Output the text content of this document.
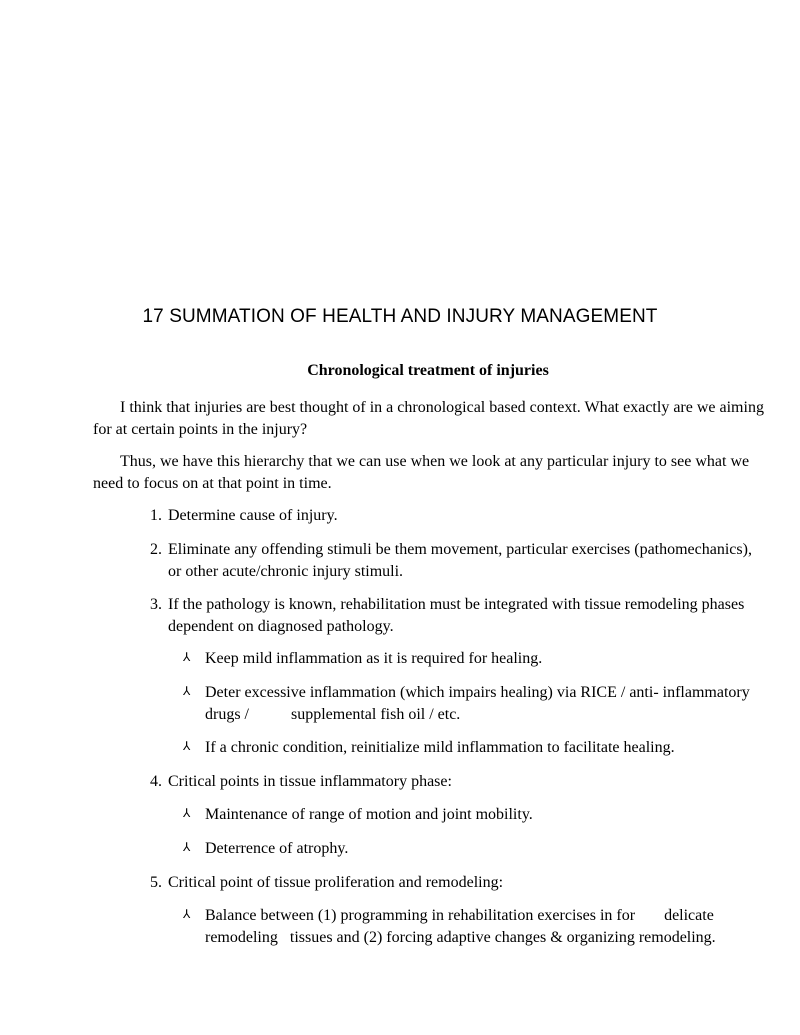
17 SUMMATION OF HEALTH AND INJURY MANAGEMENT
Chronological treatment of injuries

I think that injuries are best thought of in a chronological based context. What exactly are we aiming for at certain points in the injury?

Thus, we have this hierarchy that we can use when we look at any particular injury to see what we need to focus on at that point in time.

1. Determine cause of injury.
2. Eliminate any offending stimuli be them movement, particular exercises (pathomechanics), or other acute/chronic injury stimuli.
3. If the pathology is known, rehabilitation must be integrated with tissue remodeling phases dependent on diagnosed pathology.
⅄ Keep mild inflammation as it is required for healing.
⅄ Deter excessive inflammation (which impairs healing) via RICE / anti- inflammatory
drugs /	supplemental fish oil / etc.
⅄ If a chronic condition, reinitialize mild inflammation to facilitate healing.
4. Critical points in tissue inflammatory phase:
⅄ Maintenance of range of motion and joint mobility.
⅄ Deterrence of atrophy.
5. Critical point of tissue proliferation and remodeling:
⅄ Balance between (1) programming in rehabilitation exercises in for delicate
remodeling tissues and (2) forcing adaptive changes & organizing remodeling.
